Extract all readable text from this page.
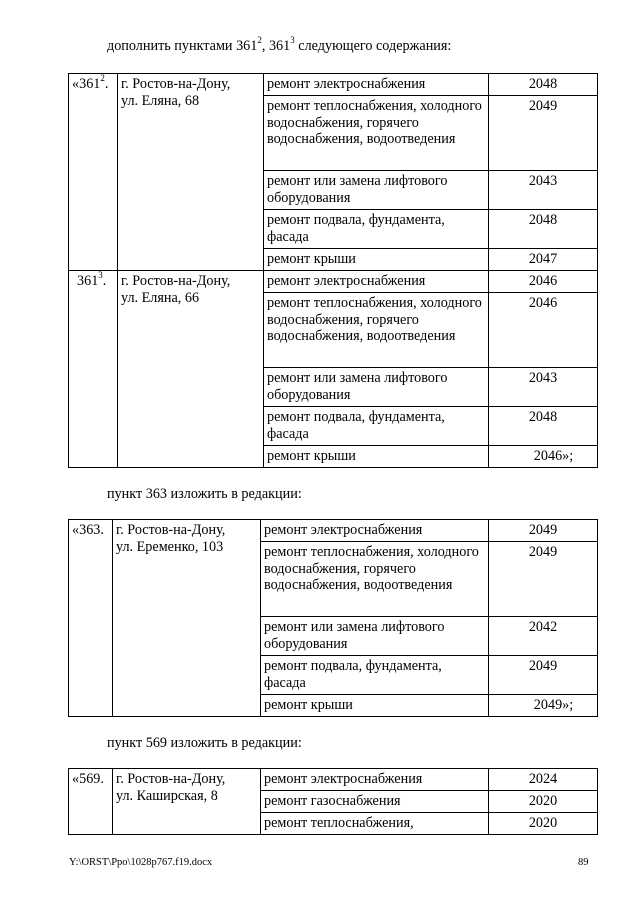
дополнить пунктами $361^2$, $361^3$ следующего содержания:
«$361^2$.	г. Ростов-на-Дону,
ул. Еляна, 68	ремонт электроснабжения	2048
		ремонт теплоснабжения, холодного водоснабжения, горячего водоснабжения, водоотведения	2049
		ремонт или замена лифтового оборудования	2043
		ремонт подвала, фундамента, фасада	2048
		ремонт крыши	2047
$361^3$.	г. Ростов-на-Дону,
ул. Еляна, 66	ремонт электроснабжения	2046
		ремонт теплоснабжения, холодного водоснабжения, горячего водоснабжения, водоотведения	2046
		ремонт или замена лифтового оборудования	2043
		ремонт подвала, фундамента, фасада	2048
		ремонт крыши	2046»;
пункт 363 изложить в редакции:
«363.	г. Ростов-на-Дону,
ул. Еременко, 103	ремонт электроснабжения	2049
		ремонт теплоснабжения, холодного водоснабжения, горячего водоснабжения, водоотведения	2049
		ремонт или замена лифтового оборудования	2042
		ремонт подвала, фундамента, фасада	2049
		ремонт крыши	2049»;
пункт 569 изложить в редакции:
«569.	г. Ростов-на-Дону,
ул. Каширская, 8	ремонт электроснабжения	2024
		ремонт газоснабжения	2020
		ремонт теплоснабжения,	2020
Y:\ORST\Ppo\1028p767.f19.docx	89
